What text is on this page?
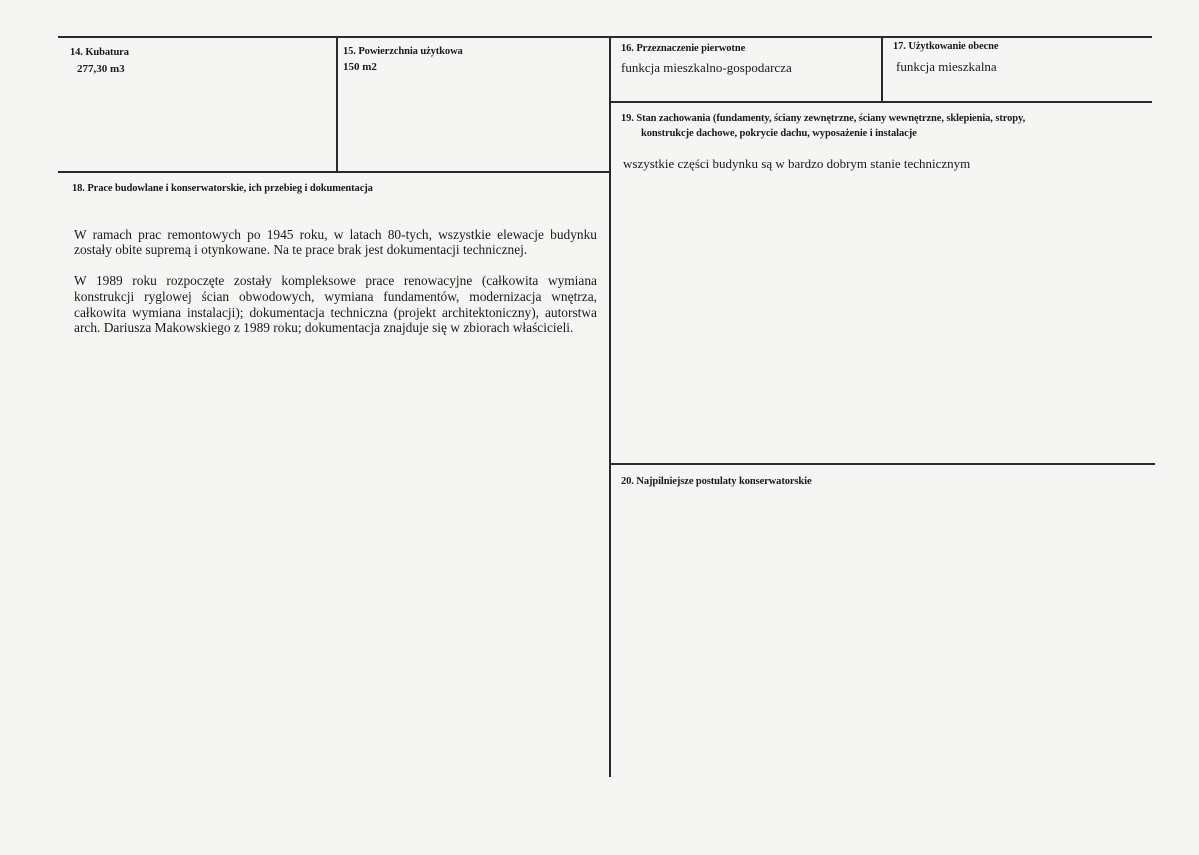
14. Kubatura
277,30 m3
15. Powierzchnia użytkowa
150 m2
16. Przeznaczenie pierwotne
funkcja mieszkalno-gospodarcza
17. Użytkowanie obecne
funkcja mieszkalna
19. Stan zachowania (fundamenty, ściany zewnętrzne, ściany wewnętrzne, sklepienia, stropy,
konstrukcje dachowe, pokrycie dachu, wyposażenie i instalacje
wszystkie części budynku są w bardzo dobrym stanie technicznym
18. Prace budowlane i konserwatorskie, ich przebieg i dokumentacja

W ramach prac remontowych po 1945 roku, w latach 80-tych, wszystkie elewacje budynku zostały obite supremą i otynkowane. Na te prace brak jest dokumentacji technicznej.

W 1989 roku rozpoczęte zostały kompleksowe prace renowacyjne (całkowita wymiana konstrukcji ryglowej ścian obwodowych, wymiana fundamentów, modernizacja wnętrza, całkowita wymiana instalacji); dokumentacja techniczna (projekt architektoniczny), autorstwa arch. Dariusza Makowskiego z 1989 roku; dokumentacja znajduje się w zbiorach właścicieli.

20. Najpilniejsze postulaty konserwatorskie
